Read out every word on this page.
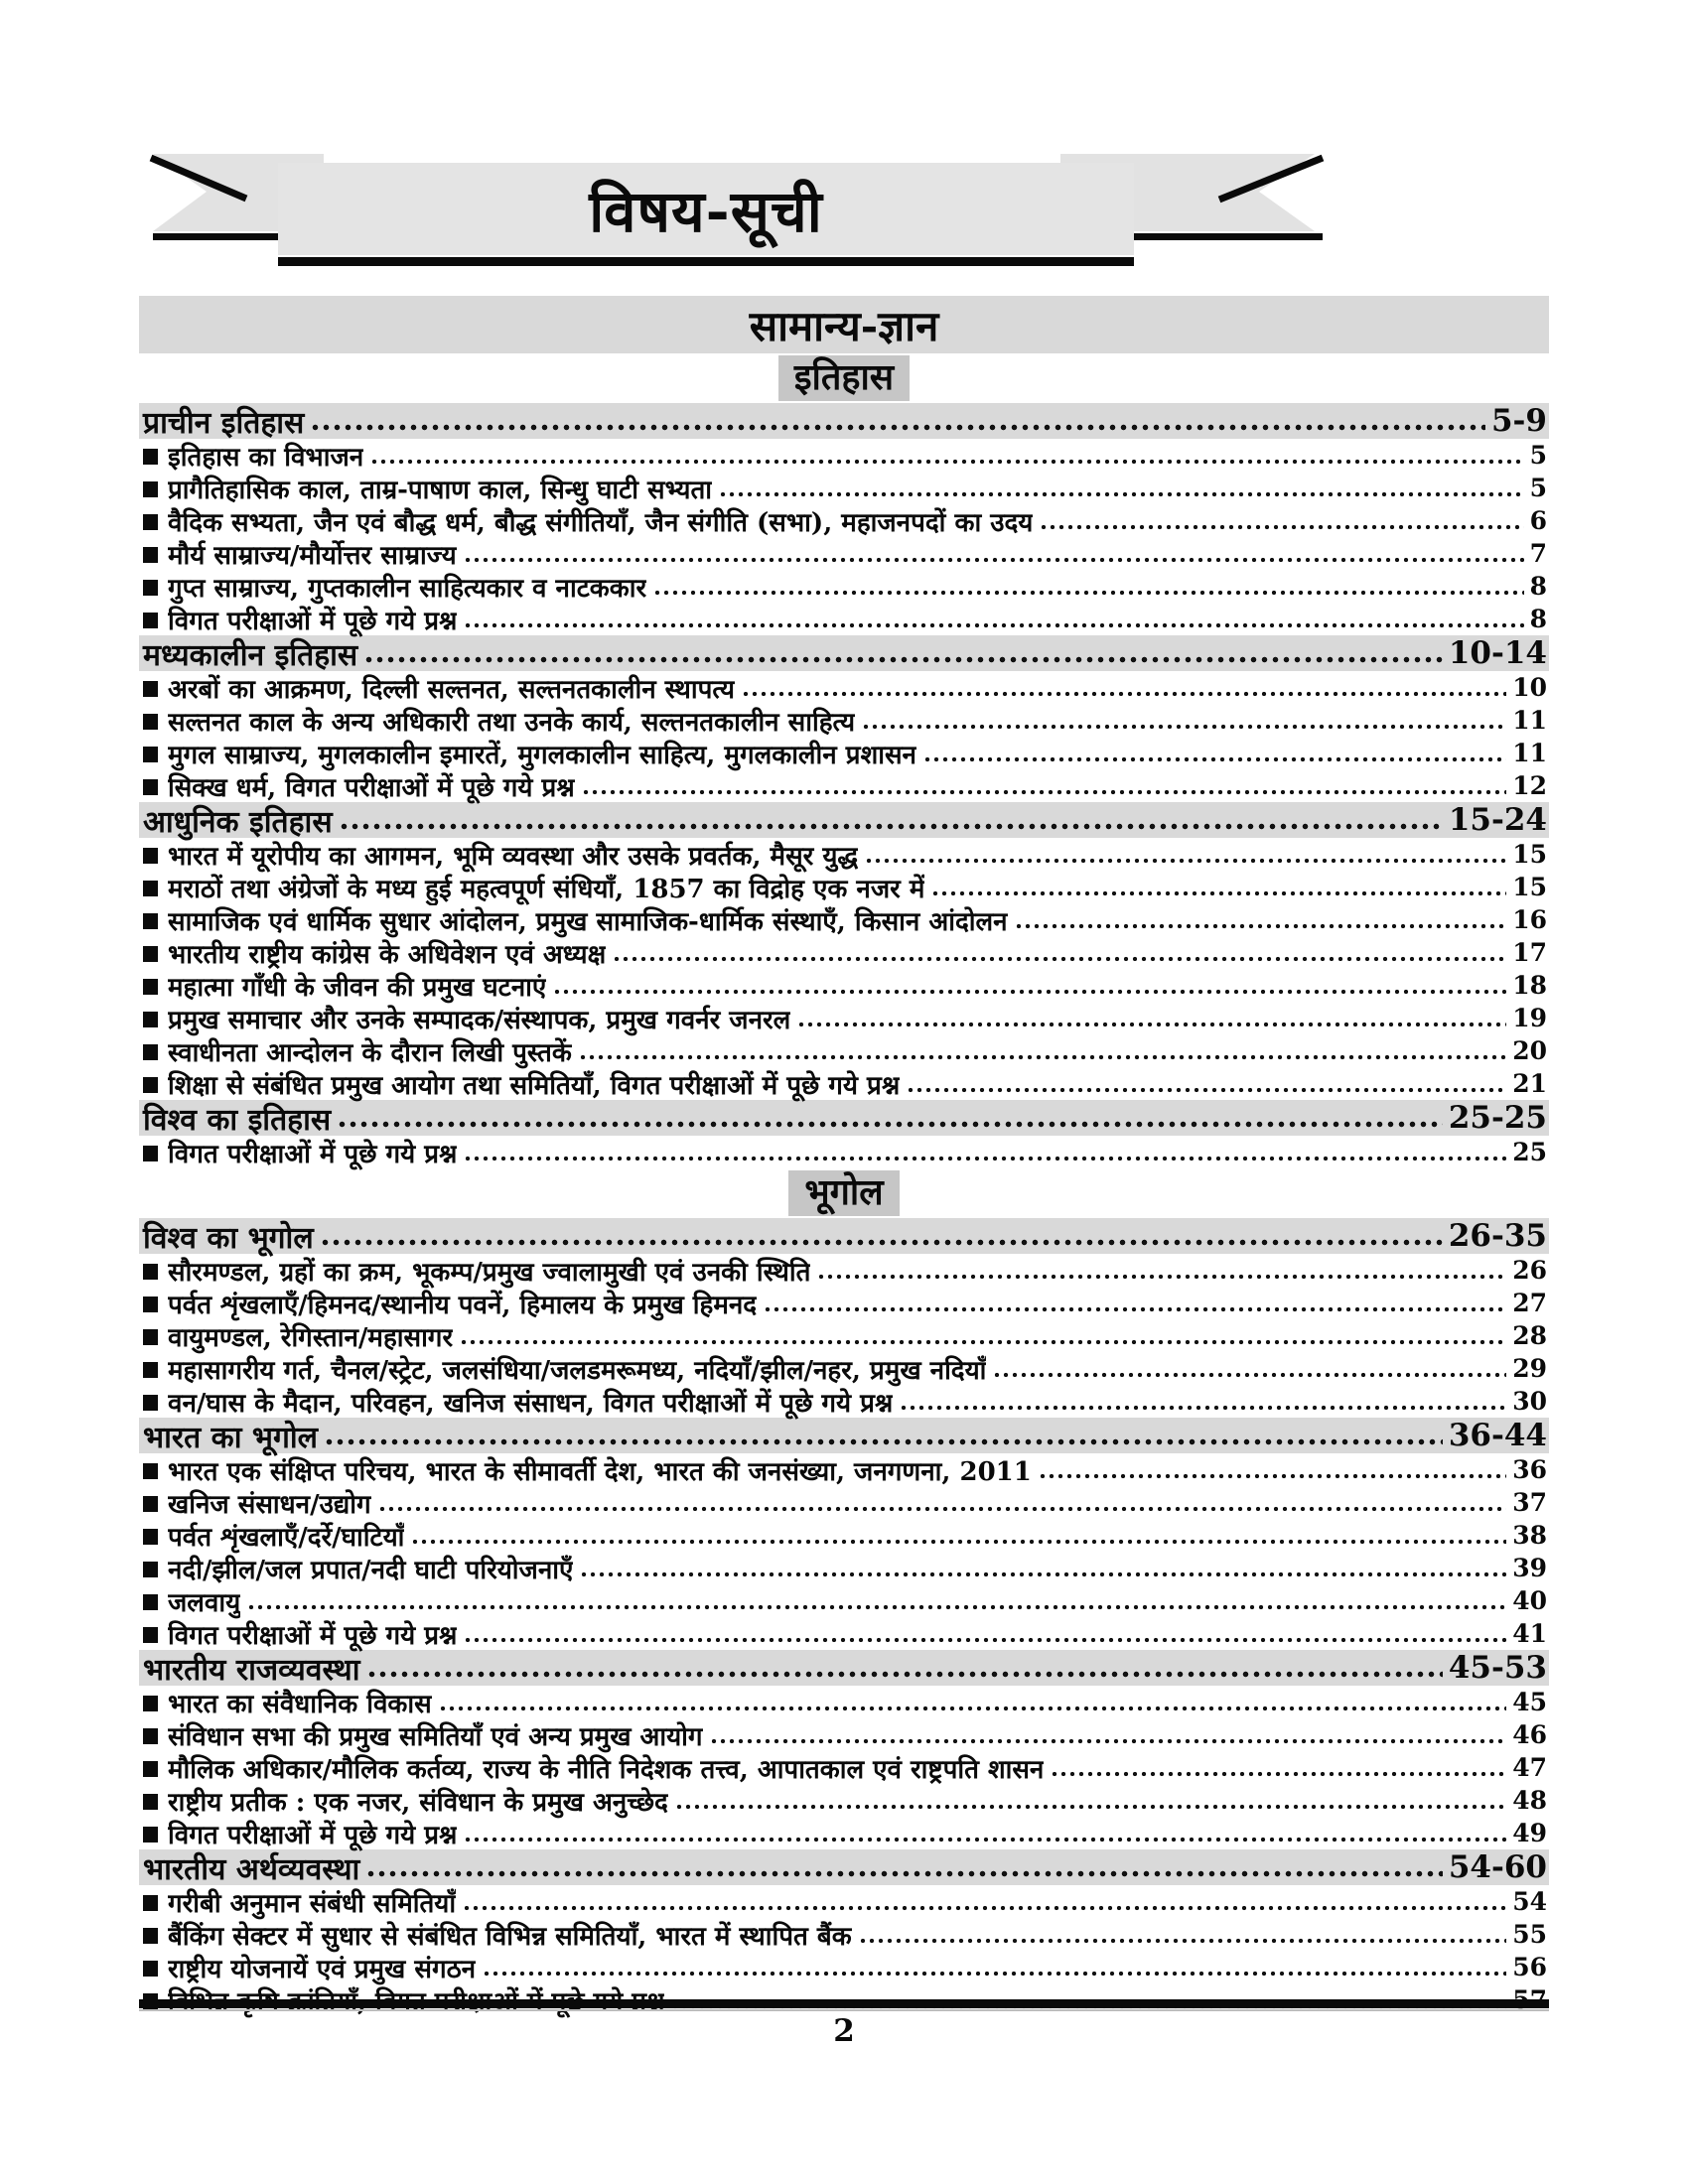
विषय-सूची
सामान्य-ज्ञान
इतिहास
प्राचीन इतिहास	5-9
इतिहास का विभाजन	5
प्रागैतिहासिक काल, ताम्र-पाषाण काल, सिन्धु घाटी सभ्यता	5
वैदिक सभ्यता, जैन एवं बौद्ध धर्म, बौद्ध संगीतियाँ, जैन संगीति (सभा), महाजनपदों का उदय	6
मौर्य साम्राज्य/मौर्योत्तर साम्राज्य	7
गुप्त साम्राज्य, गुप्तकालीन साहित्यकार व नाटककार	8
विगत परीक्षाओं में पूछे गये प्रश्न	8
मध्यकालीन इतिहास	10-14
अरबों का आक्रमण, दिल्ली सल्तनत, सल्तनतकालीन स्थापत्य	10
सल्तनत काल के अन्य अधिकारी तथा उनके कार्य, सल्तनतकालीन साहित्य	11
मुगल साम्राज्य, मुगलकालीन इमारतें, मुगलकालीन साहित्य, मुगलकालीन प्रशासन	11
सिक्ख धर्म, विगत परीक्षाओं में पूछे गये प्रश्न	12
आधुनिक इतिहास	15-24
भारत में यूरोपीय का आगमन, भूमि व्यवस्था और उसके प्रवर्तक, मैसूर युद्ध	15
मराठों तथा अंग्रेजों के मध्य हुई महत्वपूर्ण संधियाँ, 1857 का विद्रोह एक नजर में	15
सामाजिक एवं धार्मिक सुधार आंदोलन, प्रमुख सामाजिक-धार्मिक संस्थाएँ, किसान आंदोलन	16
भारतीय राष्ट्रीय कांग्रेस के अधिवेशन एवं अध्यक्ष	17
महात्मा गाँधी के जीवन की प्रमुख घटनाएं	18
प्रमुख समाचार और उनके सम्पादक/संस्थापक, प्रमुख गवर्नर जनरल	19
स्वाधीनता आन्दोलन के दौरान लिखी पुस्तकें	20
शिक्षा से संबंधित प्रमुख आयोग तथा समितियाँ, विगत परीक्षाओं में पूछे गये प्रश्न	21
विश्व का इतिहास	25-25
विगत परीक्षाओं में पूछे गये प्रश्न	25
भूगोल
विश्व का भूगोल	26-35
सौरमण्डल, ग्रहों का क्रम, भूकम्प/प्रमुख ज्वालामुखी एवं उनकी स्थिति	26
पर्वत शृंखलाएँ/हिमनद/स्थानीय पवनें, हिमालय के प्रमुख हिमनद	27
वायुमण्डल, रेगिस्तान/महासागर	28
महासागरीय गर्त, चैनल/स्ट्रेट, जलसंधिया/जलडमरूमध्य, नदियाँ/झील/नहर, प्रमुख नदियाँ	29
वन/घास के मैदान, परिवहन, खनिज संसाधन, विगत परीक्षाओं में पूछे गये प्रश्न	30
भारत का भूगोल	36-44
भारत एक संक्षिप्त परिचय, भारत के सीमावर्ती देश, भारत की जनसंख्या, जनगणना, 2011	36
खनिज संसाधन/उद्योग	37
पर्वत शृंखलाएँ/दर्रे/घाटियाँ	38
नदी/झील/जल प्रपात/नदी घाटी परियोजनाएँ	39
जलवायु	40
विगत परीक्षाओं में पूछे गये प्रश्न	41
भारतीय राजव्यवस्था	45-53
भारत का संवैधानिक विकास	45
संविधान सभा की प्रमुख समितियाँ एवं अन्य प्रमुख आयोग	46
मौलिक अधिकार/मौलिक कर्तव्य, राज्य के नीति निदेशक तत्त्व, आपातकाल एवं राष्ट्रपति शासन	47
राष्ट्रीय प्रतीक : एक नजर, संविधान के प्रमुख अनुच्छेद	48
विगत परीक्षाओं में पूछे गये प्रश्न	49
भारतीय अर्थव्यवस्था	54-60
गरीबी अनुमान संबंधी समितियाँ	54
बैंकिंग सेक्टर में सुधार से संबंधित विभिन्न समितियाँ, भारत में स्थापित बैंक	55
राष्ट्रीय योजनायें एवं प्रमुख संगठन	56
2
